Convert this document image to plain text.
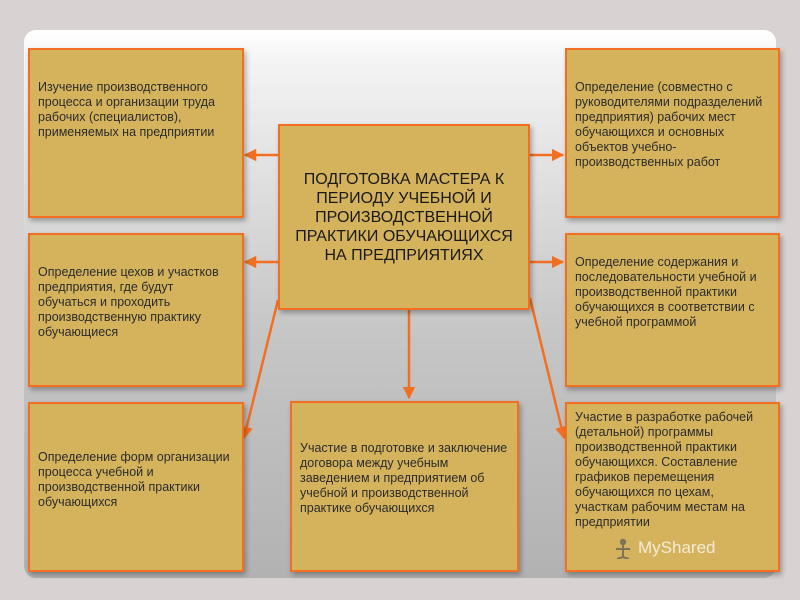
Изучение производственного процесса и организации труда рабочих (специалистов), применяемых на предприятии
Определение цехов и участков предприятия, где будут обучаться и проходить производственную практику обучающиеся
Определение форм организации процесса учебной и производственной практики обучающихся
ПОДГОТОВКА МАСТЕРА К ПЕРИОДУ УЧЕБНОЙ И ПРОИЗВОДСТВЕННОЙ ПРАКТИКИ ОБУЧАЮЩИХСЯ НА ПРЕДПРИЯТИЯХ
Участие в подготовке и заключение договора между учебным заведением и предприятием об учебной и производственной практике обучающихся
Определение (совместно с руководителями подразделений предприятия) рабочих мест обучающихся и основных объектов учебно-производственных работ
Определение содержания и последовательности учебной и производственной практики обучающихся в соответствии с учебной программой
Участие в разработке рабочей (детальной) программы производственной практики обучающихся. Составление графиков перемещения обучающихся по цехам, участкам рабочим местам на предприятии
MyShared
